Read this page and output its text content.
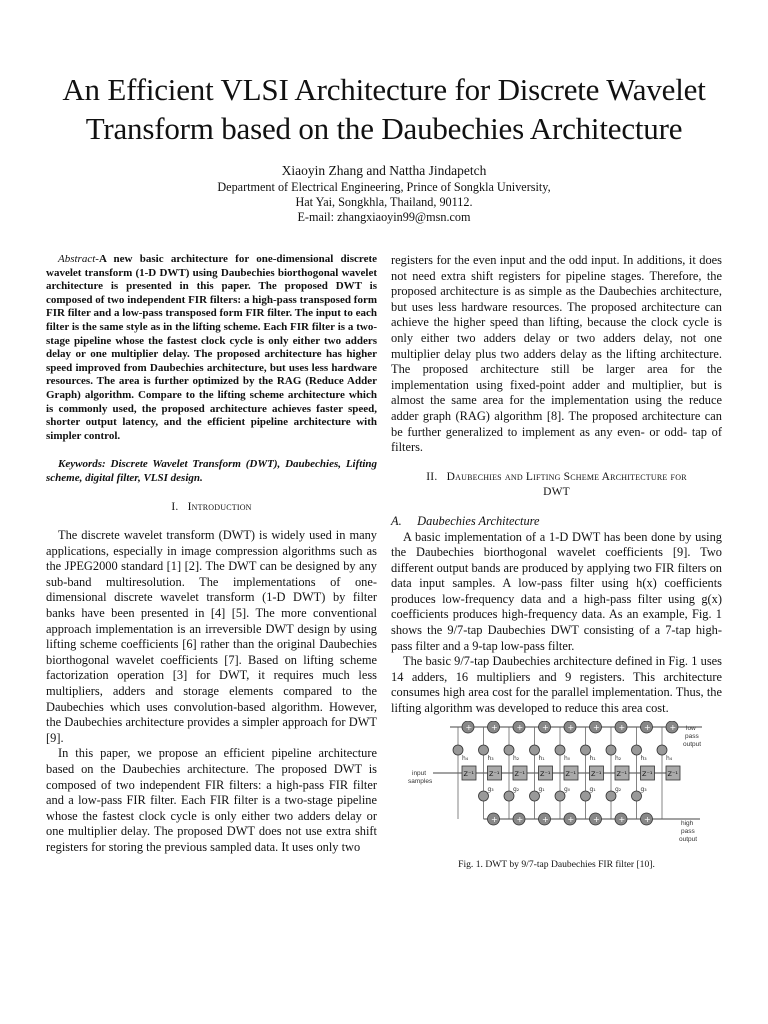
An Efficient VLSI Architecture for Discrete Wavelet
Transform based on the Daubechies Architecture
Xiaoyin Zhang and Nattha Jindapetch
Department of Electrical Engineering, Prince of Songkla University,
Hat Yai, Songkhla, Thailand, 90112.
E-mail: zhangxiaoyin99@msn.com

Abstract-A new basic architecture for one-dimensional discrete wavelet transform (1-D DWT) using Daubechies biorthogonal wavelet architecture is presented in this paper. The proposed DWT is composed of two independent FIR filters: a high-pass transposed form FIR filter and a low-pass transposed form FIR filter. The input to each filter is the same style as in the lifting scheme. Each FIR filter is a two-stage pipeline whose the fastest clock cycle is only either two adders delay or one multiplier delay. The proposed architecture has higher speed improved from Daubechies architecture, but uses less hardware resources. The area is further optimized by the RAG (Reduce Adder Graph) algorithm. Compare to the lifting scheme architecture which is commonly used, the proposed architecture achieves faster speed, shorter output latency, and the efficient pipeline architecture with simpler control.

Keywords: Discrete Wavelet Transform (DWT), Daubechies, Lifting scheme, digital filter, VLSI design.

I. Introduction

The discrete wavelet transform (DWT) is widely used in many applications, especially in image compression algorithms such as the JPEG2000 standard [1] [2]. The DWT can be designed by any sub-band multiresolution. The implementations of one-dimensional discrete wavelet transform (1-D DWT) by filter banks have been presented in [4] [5]. The more conventional approach implementation is an irreversible DWT design by using lifting scheme coefficients [6] rather than the original Daubechies biorthogonal wavelet coefficients [7]. Based on lifting scheme factorization operation [3] for DWT, it requires much less multipliers, adders and storage elements compared to the Daubechies which uses convolution-based algorithm. However, the Daubechies architecture provides a simpler approach for DWT [9].

In this paper, we propose an efficient pipeline architecture based on the Daubechies architecture. The proposed DWT is composed of two independent FIR filters: a high-pass FIR filter and a low-pass FIR filter. Each FIR filter is a two-stage pipeline whose the fastest clock cycle is only either two adders delay or one multiplier delay. The proposed DWT does not use extra shift registers for storing the previous sampled data. It uses only two

registers for the even input and the odd input. In additions, it does not need extra shift registers for pipeline stages. Therefore, the proposed architecture is as simple as the Daubechies architecture, but uses less hardware resources. The proposed architecture can achieve the higher speed than lifting, because the clock cycle is only either two adders delay or two adders delay, not one multiplier delay plus two adders delay as the lifting architecture. The proposed architecture still be larger area for the implementation using fixed-point adder and multiplier, but is almost the same area for the implementation using the reduce adder graph (RAG) algorithm [8]. The proposed architecture can be further generalized to implement as any even- or odd- tap of filters.

II. Daubechies and Lifting Scheme Architecture for
DWT

A. Daubechies Architecture

A basic implementation of a 1-D DWT has been done by using the Daubechies biorthogonal wavelet coefficients [9]. Two different output bands are produced by applying two FIR filters on data input samples. A low-pass filter using h(x) coefficients produces low-frequency data and a high-pass filter using g(x) coefficients produces high-frequency data. As an example, Fig. 1 shows the 9/7-tap Daubechies DWT consisting of a 7-tap high-pass filter and a 9-tap low-pass filter.

The basic 9/7-tap Daubechies architecture defined in Fig. 1 uses 14 adders, 16 multipliers and 9 registers. This architecture consumes high area cost for the parallel implementation. Thus, the lifting algorithm was developed to reduce this area cost.

+
h₄
Z⁻¹
+
h₃
Z⁻¹
g₃
+
+
h₂
Z⁻¹
g₂
+
+
h₁
Z⁻¹
g₁
+
+
h₀
Z⁻¹
g₀
+
+
h₁
Z⁻¹
g₁
+
+
h₂
Z⁻¹
g₂
+
+
h₃
Z⁻¹
g₃
+
+
h₄
Z⁻¹
low
pass
output
high
pass
output
input
samples

Fig. 1. DWT by 9/7-tap Daubechies FIR filter [10].
